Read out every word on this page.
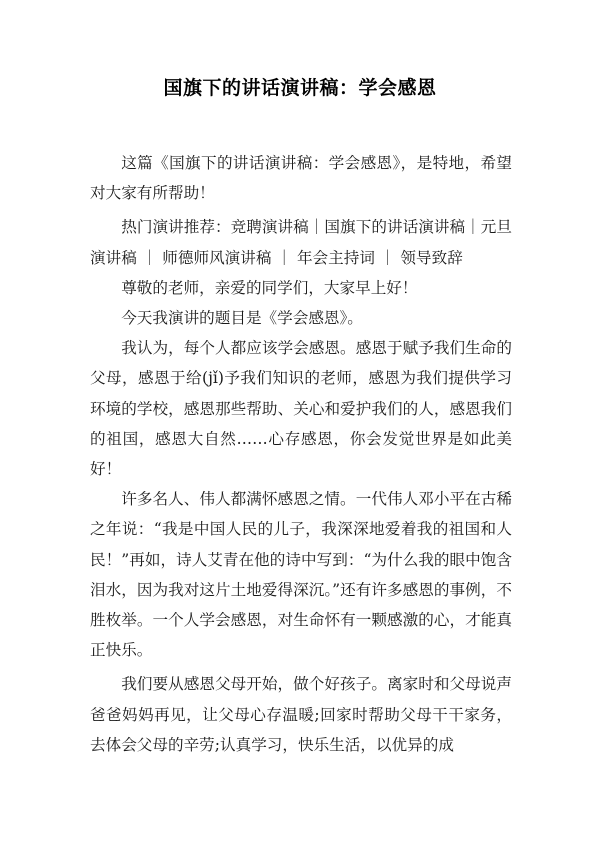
国旗下的讲话演讲稿：学会感恩

这篇《国旗下的讲话演讲稿：学会感恩》，是特地，希望对大家有所帮助！

热门演讲推荐：竞聘演讲稿｜国旗下的讲话演讲稿｜元旦演讲稿 ｜ 师德师风演讲稿 ｜ 年会主持词 ｜ 领导致辞

尊敬的老师，亲爱的同学们，大家早上好！

今天我演讲的题目是《学会感恩》。

我认为，每个人都应该学会感恩。感恩于赋予我们生命的父母，感恩于给(jǐ)予我们知识的老师，感恩为我们提供学习环境的学校，感恩那些帮助、关心和爱护我们的人，感恩我们的祖国，感恩大自然……心存感恩，你会发觉世界是如此美好！

许多名人、伟人都满怀感恩之情。一代伟人邓小平在古稀之年说：“我是中国人民的儿子，我深深地爱着我的祖国和人民！”再如，诗人艾青在他的诗中写到：“为什么我的眼中饱含泪水，因为我对这片土地爱得深沉。”还有许多感恩的事例，不胜枚举。一个人学会感恩，对生命怀有一颗感激的心，才能真正快乐。

我们要从感恩父母开始，做个好孩子。离家时和父母说声爸爸妈妈再见，让父母心存温暖;回家时帮助父母干干家务，去体会父母的辛劳;认真学习，快乐生活，以优异的成
